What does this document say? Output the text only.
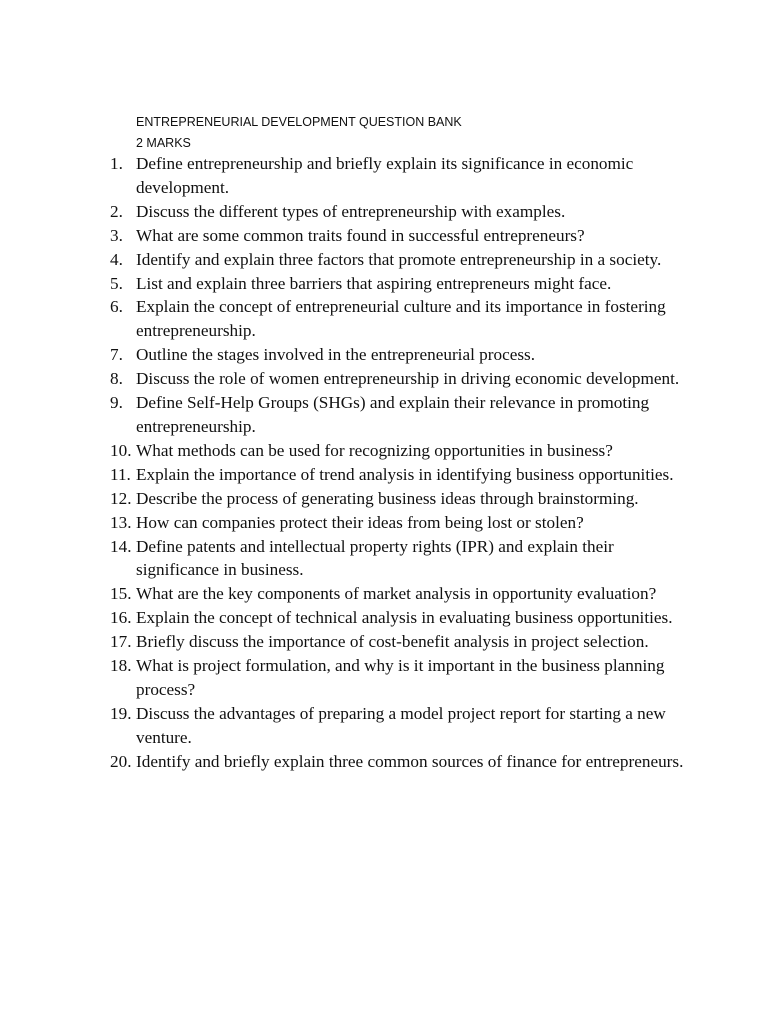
ENTREPRENEURIAL DEVELOPMENT QUESTION BANK
2 MARKS
1. Define entrepreneurship and briefly explain its significance in economic development.
2. Discuss the different types of entrepreneurship with examples.
3. What are some common traits found in successful entrepreneurs?
4. Identify and explain three factors that promote entrepreneurship in a society.
5. List and explain three barriers that aspiring entrepreneurs might face.
6. Explain the concept of entrepreneurial culture and its importance in fostering entrepreneurship.
7. Outline the stages involved in the entrepreneurial process.
8. Discuss the role of women entrepreneurship in driving economic development.
9. Define Self-Help Groups (SHGs) and explain their relevance in promoting entrepreneurship.
10. What methods can be used for recognizing opportunities in business?
11. Explain the importance of trend analysis in identifying business opportunities.
12. Describe the process of generating business ideas through brainstorming.
13. How can companies protect their ideas from being lost or stolen?
14. Define patents and intellectual property rights (IPR) and explain their significance in business.
15. What are the key components of market analysis in opportunity evaluation?
16. Explain the concept of technical analysis in evaluating business opportunities.
17. Briefly discuss the importance of cost-benefit analysis in project selection.
18. What is project formulation, and why is it important in the business planning process?
19. Discuss the advantages of preparing a model project report for starting a new venture.
20. Identify and briefly explain three common sources of finance for entrepreneurs.
